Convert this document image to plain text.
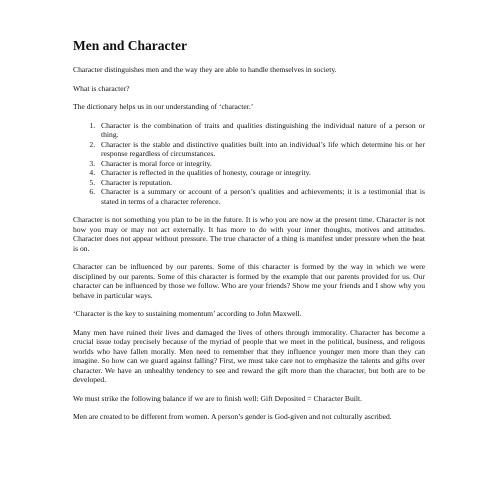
Men and Character

Character distinguishes men and the way they are able to handle themselves in society.

What is character?

The dictionary helps us in our understanding of ‘character.’

1. Character is the combination of traits and qualities distinguishing the individual nature of a person or thing.
2. Character is the stable and distinctive qualities built into an individual’s life which determine his or her response regardless of circumstances.
3. Character is moral force or integrity.
4. Character is reflected in the qualities of honesty, courage or integrity.
5. Character is reputation.
6. Character is a summary or account of a person’s qualities and achievements; it is a testimonial that is stated in terms of a character reference.

Character is not something you plan to be in the future. It is who you are now at the present time. Character is not how you may or may not act externally. It has more to do with your inner thoughts, motives and attitudes. Character does not appear without pressure. The true character of a thing is manifest under pressure when the heat is on.

Character can be influenced by our parents. Some of this character is formed by the way in which we were disciplined by our parents. Some of this character is formed by the example that our parents provided for us. Our character can be influenced by those we follow. Who are your friends? Show me your friends and I show why you behave in particular ways.

‘Character is the key to sustaining momentum’ according to John Maxwell.

Many men have ruined their lives and damaged the lives of others through immorality. Character has become a crucial issue today precisely because of the myriad of people that we meet in the political, business, and religous worlds who have fallen morally. Men need to remember that they influence younger men more than they can imagine. So how can we guard against falling? First, we must take care not to emphasize the talents and gifts over character. We have an unhealthy tendency to see and reward the gift more than the character, but both are to be developed.

We must strike the following balance if we are to finish well: Gift Deposited = Character Built.

Men are created to be different from women. A person’s gender is God-given and not culturally ascribed.
